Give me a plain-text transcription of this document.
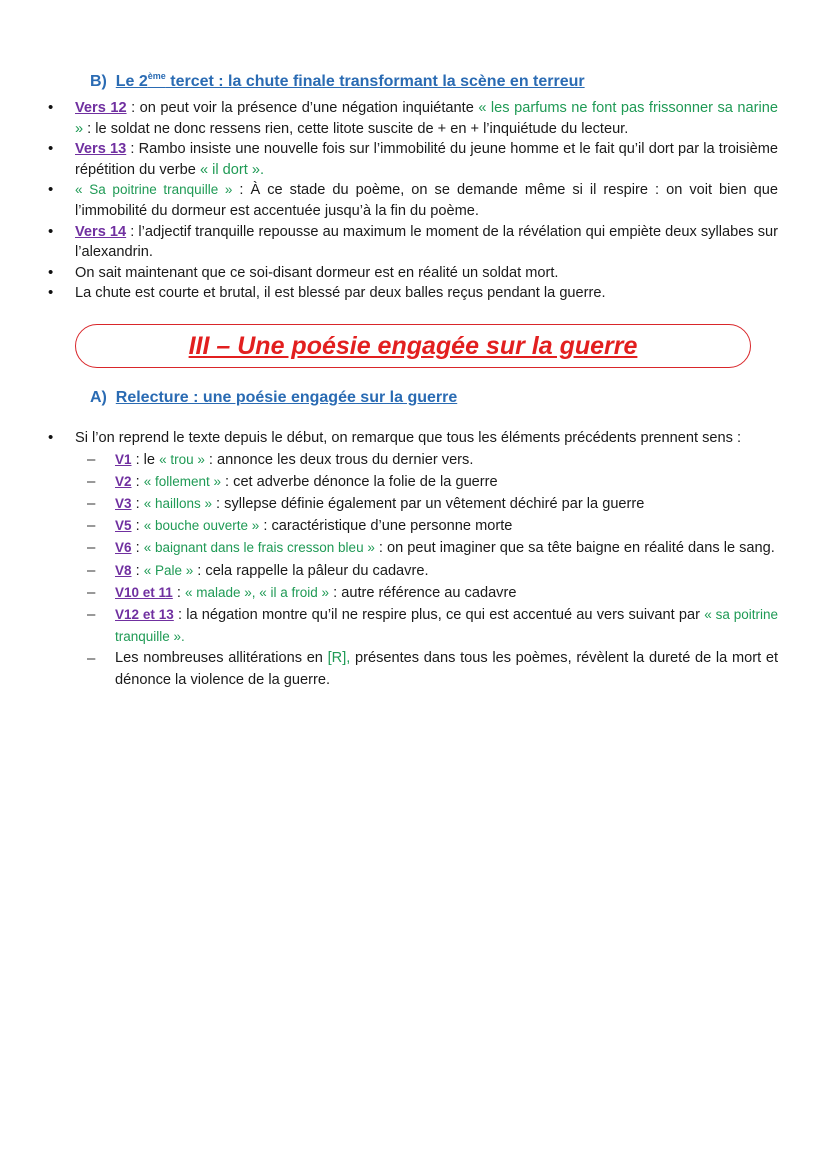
B) Le 2ème tercet : la chute finale transformant la scène en terreur
• Vers 12 : on peut voir la présence d’une négation inquiétante « les parfums ne font pas frissonner sa narine » : le soldat ne donc ressens rien, cette litote suscite de + en + l’inquiétude du lecteur.
• Vers 13 : Rambo insiste une nouvelle fois sur l’immobilité du jeune homme et le fait qu’il dort par la troisième répétition du verbe « il dort ».
• « Sa poitrine tranquille » : À ce stade du poème, on se demande même si il respire : on voit bien que l’immobilité du dormeur est accentuée jusqu’à la fin du poème.
• Vers 14 : l’adjectif tranquille repousse au maximum le moment de la révélation qui empiète deux syllabes sur l’alexandrin.
• On sait maintenant que ce soi-disant dormeur est en réalité un soldat mort.
• La chute est courte et brutal, il est blessé par deux balles reçus pendant la guerre.
III – Une poésie engagée sur la guerre
A) Relecture : une poésie engagée sur la guerre
• Si l’on reprend le texte depuis le début, on remarque que tous les éléments précédents prennent sens :
– V1 : le « trou » : annonce les deux trous du dernier vers.
– V2 : « follement » : cet adverbe dénonce la folie de la guerre
– V3 : « haillons » : syllepse définie également par un vêtement déchiré par la guerre
– V5 : « bouche ouverte » : caractéristique d’une personne morte
– V6 : « baignant dans le frais cresson bleu » : on peut imaginer que sa tête baigne en réalité dans le sang.
– V8 : « Pale » : cela rappelle la pâleur du cadavre.
– V10 et 11 : « malade », « il a froid » : autre référence au cadavre
– V12 et 13 : la négation montre qu’il ne respire plus, ce qui est accentué au vers suivant par « sa poitrine tranquille ».
– Les nombreuses allitérations en [R], présentes dans tous les poèmes, révèlent la dureté de la mort et dénonce la violence de la guerre.
